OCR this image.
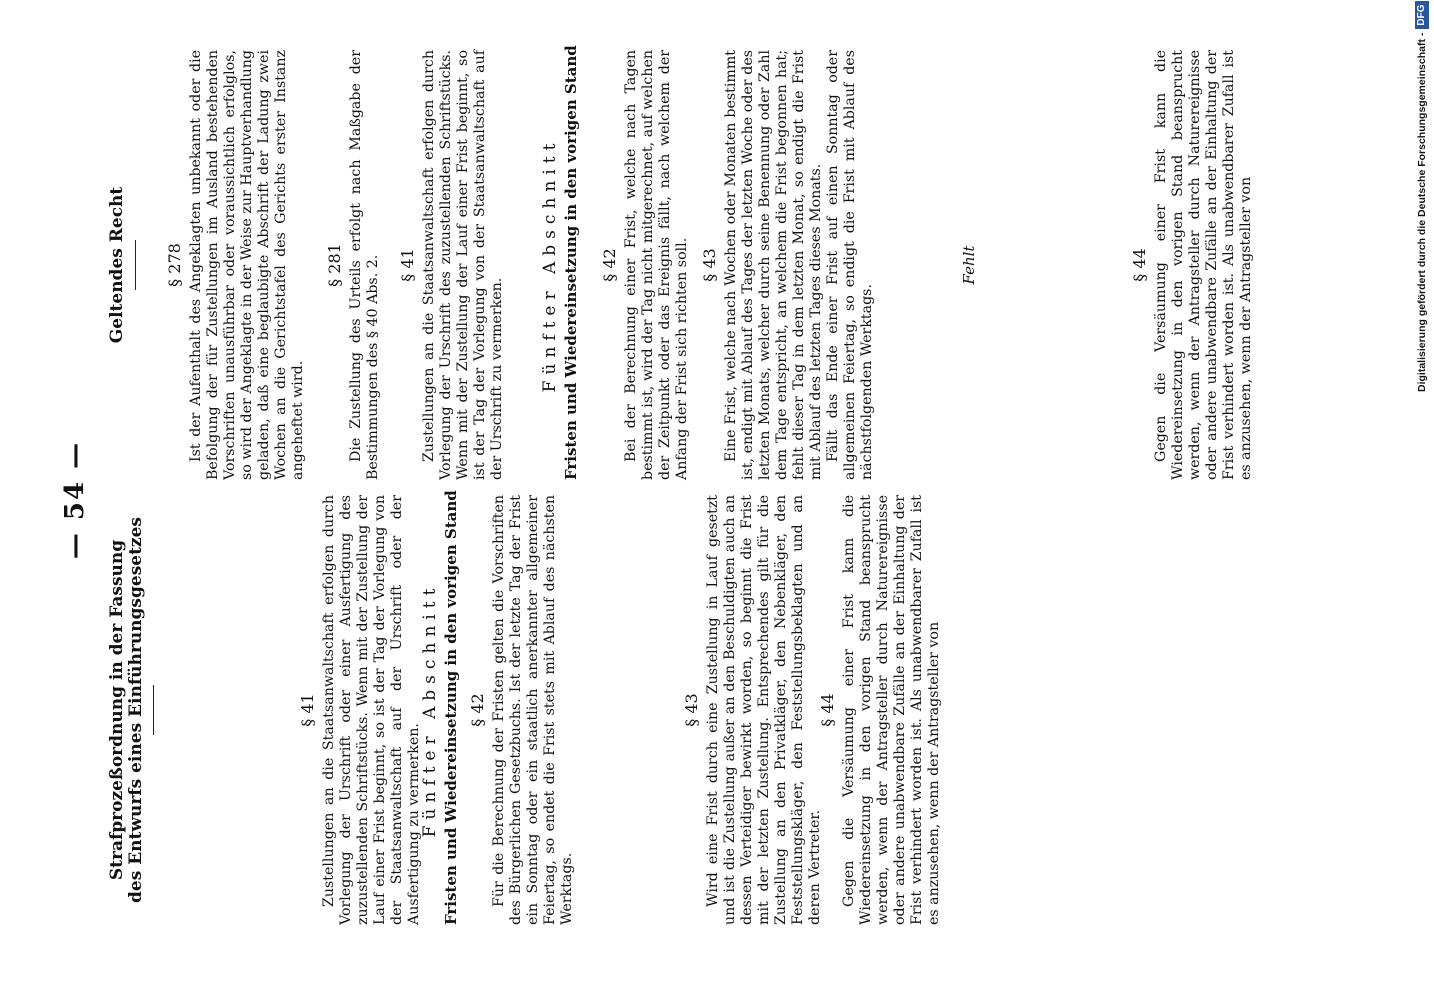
— 54 —
Strafprozeßordnung in der Fassung
des Entwurfs eines Einführungsgesetzes	§ 41 Zustellungen an die Staatsanwaltschaft erfolgen durch Vorlegung der Urschrift oder einer Ausfertigung des zuzustellenden Schriftstücks. Wenn mit der Zustellung der Lauf einer Frist beginnt, so ist der Tag der Vorlegung von der Staatsanwaltschaft auf der Urschrift oder der Ausfertigung zu vermerken.

Fünfter Abschnitt Fristen und Wiedereinsetzung in den vorigen Stand § 42 Für die Berechnung der Fristen gelten die Vorschriften des Bürgerlichen Gesetzbuchs. Ist der letzte Tag der Frist ein Sonntag oder ein staatlich anerkannter allgemeiner Feiertag, so endet die Frist stets mit Ablauf des nächsten Werktags.

§ 43 Wird eine Frist durch eine Zustellung in Lauf gesetzt und ist die Zustellung außer an den Beschuldigten auch an dessen Verteidiger bewirkt worden, so beginnt die Frist mit der letzten Zustellung. Entsprechendes gilt für die Zustellung an den Privatkläger, den Nebenkläger, den Feststellungskläger, den Feststellungsbeklagten und an deren Vertreter.

§ 44 Gegen die Versäumung einer Frist kann die Wiedereinsetzung in den vorigen Stand beansprucht werden, wenn der Antragsteller durch Naturereignisse oder andere unabwendbare Zufälle an der Einhaltung der Frist verhindert worden ist. Als unabwendbarer Zufall ist es anzusehen, wenn der Antragsteller von

Geltendes Recht § 278 Ist der Aufenthalt des Angeklagten unbekannt oder die Befolgung der für Zustellungen im Ausland bestehenden Vorschriften unausführbar oder voraussichtlich erfolglos, so wird der Angeklagte in der Weise zur Hauptverhandlung geladen, daß eine beglaubigte Abschrift der Ladung zwei Wochen an die Gerichtstafel des Gerichts erster Instanz angeheftet wird.

§ 281 Die Zustellung des Urteils erfolgt nach Maßgabe der Bestimmungen des § 40 Abs. 2. § 41 Zustellungen an die Staatsanwaltschaft erfolgen durch Vorlegung der Urschrift des zuzustellenden Schriftstücks. Wenn mit der Zustellung der Lauf einer Frist beginnt, so ist der Tag der Vorlegung von der Staatsanwaltschaft auf der Urschrift zu vermerken. Fünfter Abschnitt Fristen und Wiedereinsetzung in den vorigen Stand § 42 Bei der Berechnung einer Frist, welche nach Tagen bestimmt ist, wird der Tag nicht mitgerechnet, auf welchen der Zeitpunkt oder das Ereignis fällt, nach welchem der Anfang der Frist sich richten soll. § 43 Eine Frist, welche nach Wochen oder Monaten bestimmt ist, endigt mit Ablauf des Tages der letzten Woche oder des letzten Monats, welcher durch seine Benennung oder Zahl dem Tage entspricht, an welchem die Frist begonnen hat; fehlt dieser Tag in dem letzten Monat, so endigt die Frist mit Ablauf des letzten Tages dieses Monats. Fällt das Ende einer Frist auf einen Sonntag oder allgemeinen Feiertag, so endigt die Frist mit Ablauf des nächstfolgenden Werktags.

Fehlt	§ 44 Gegen die Versäumung einer Frist kann die Wiedereinsetzung in den vorigen Stand beansprucht werden, wenn der Antragsteller durch Naturereignisse oder andere unabwendbare Zufälle an der Einhaltung der Frist verhindert worden ist. Als unabwendbarer Zufall ist es anzusehen, wenn der Antragsteller von	Digitalisierung gefördert durch die Deutsche Forschungsgemeinschaft -DFG
